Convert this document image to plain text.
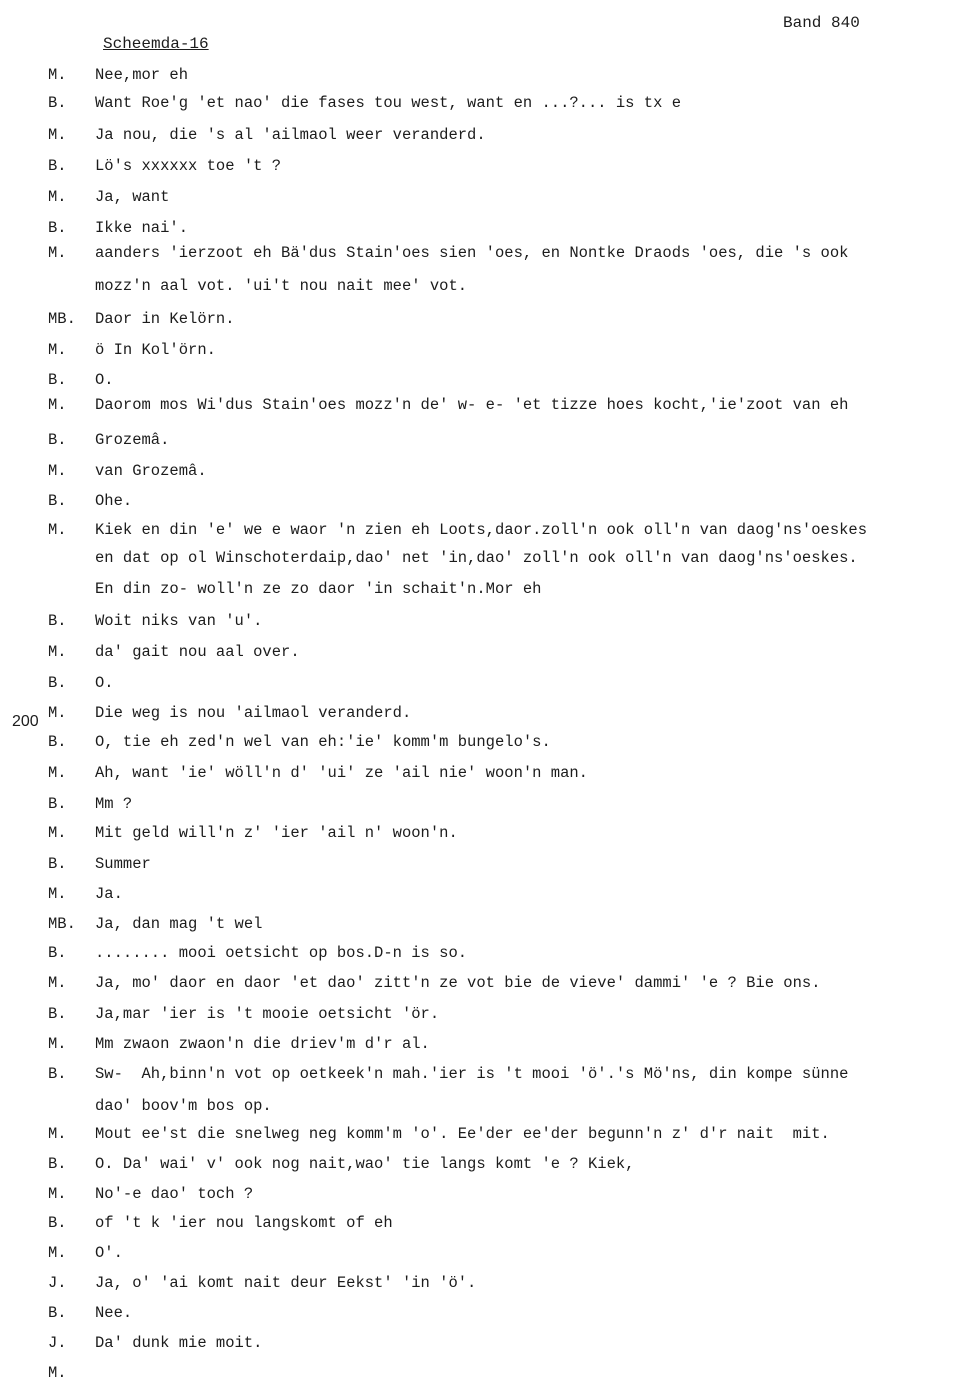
Band 840
Scheemda-16
200
M. Nee,mor eh
B. Want Roe'g 'et nao' die fases tou west, want en ...?... is tx e
M. Ja nou, die 's al 'ailmaol weer veranderd.
B. Lö's xxxxxx toe 't ?
M. Ja, want
B. Ikke nai'.
M. aanders 'ierzoot eh Bä'dus Stain'oes sien 'oes, en Nontke Draods 'oes, die 's ook
mozz'n aal vot. 'ui't nou nait mee' vot.
MB. Daor in Kelörn.
M. ö In Kol'örn.
B. O.
M. Daorom mos Wi'dus Stain'oes mozz'n de' w- e- 'et tizze hoes kocht,'ie'zoot van eh
B. Grozemâ.
M. van Grozemâ.
B. Ohe.
M. Kiek en din 'e' we e waor 'n zien eh Loots,daor.zoll'n ook oll'n van daog'ns'oeskes
en dat op ol Winschoterdaip,dao' net 'in,dao' zoll'n ook oll'n van daog'ns'oeskes.
En din zo- woll'n ze zo daor 'in schait'n.Mor eh
B. Woit niks van 'u'.
M. da' gait nou aal over.
B. O.
M. Die weg is nou 'ailmaol veranderd.
B. O, tie eh zed'n wel van eh:'ie' komm'm bungelo's.
M. Ah, want 'ie' wöll'n d' 'ui' ze 'ail nie' woon'n man.
B. Mm ?
M. Mit geld will'n z' 'ier 'ail n' woon'n.
B. Summer
M. Ja.
MB. Ja, dan mag 't wel
B. ........ mooi oetsicht op bos.D-n is so.
M. Ja, mo' daor en daor 'et dao' zitt'n ze vot bie de vieve' dammi' 'e ? Bie ons.
B. Ja,mar 'ier is 't mooie oetsicht 'ör.
M. Mm zwaon zwaon'n die driev'm d'r al.
B. Sw-  Ah,binn'n vot op oetkeek'n mah.'ier is 't mooi 'ö'.'s Mö'ns, din kompe sünne
dao' boov'm bos op.
M. Mout ee'st die snelweg neg komm'm 'o'. Ee'der ee'der begunn'n z' d'r nait  mit.
B. O. Da' wai' v' ook nog nait,wao' tie langs komt 'e ? Kiek,
M. No'-e dao' toch ?
B. of 't k 'ier nou langskomt of eh
M. O'.
J. Ja, o' 'ai komt nait deur Eekst' 'in 'ö'.
B. Nee.
J. Da' dunk mie moit.
M.
